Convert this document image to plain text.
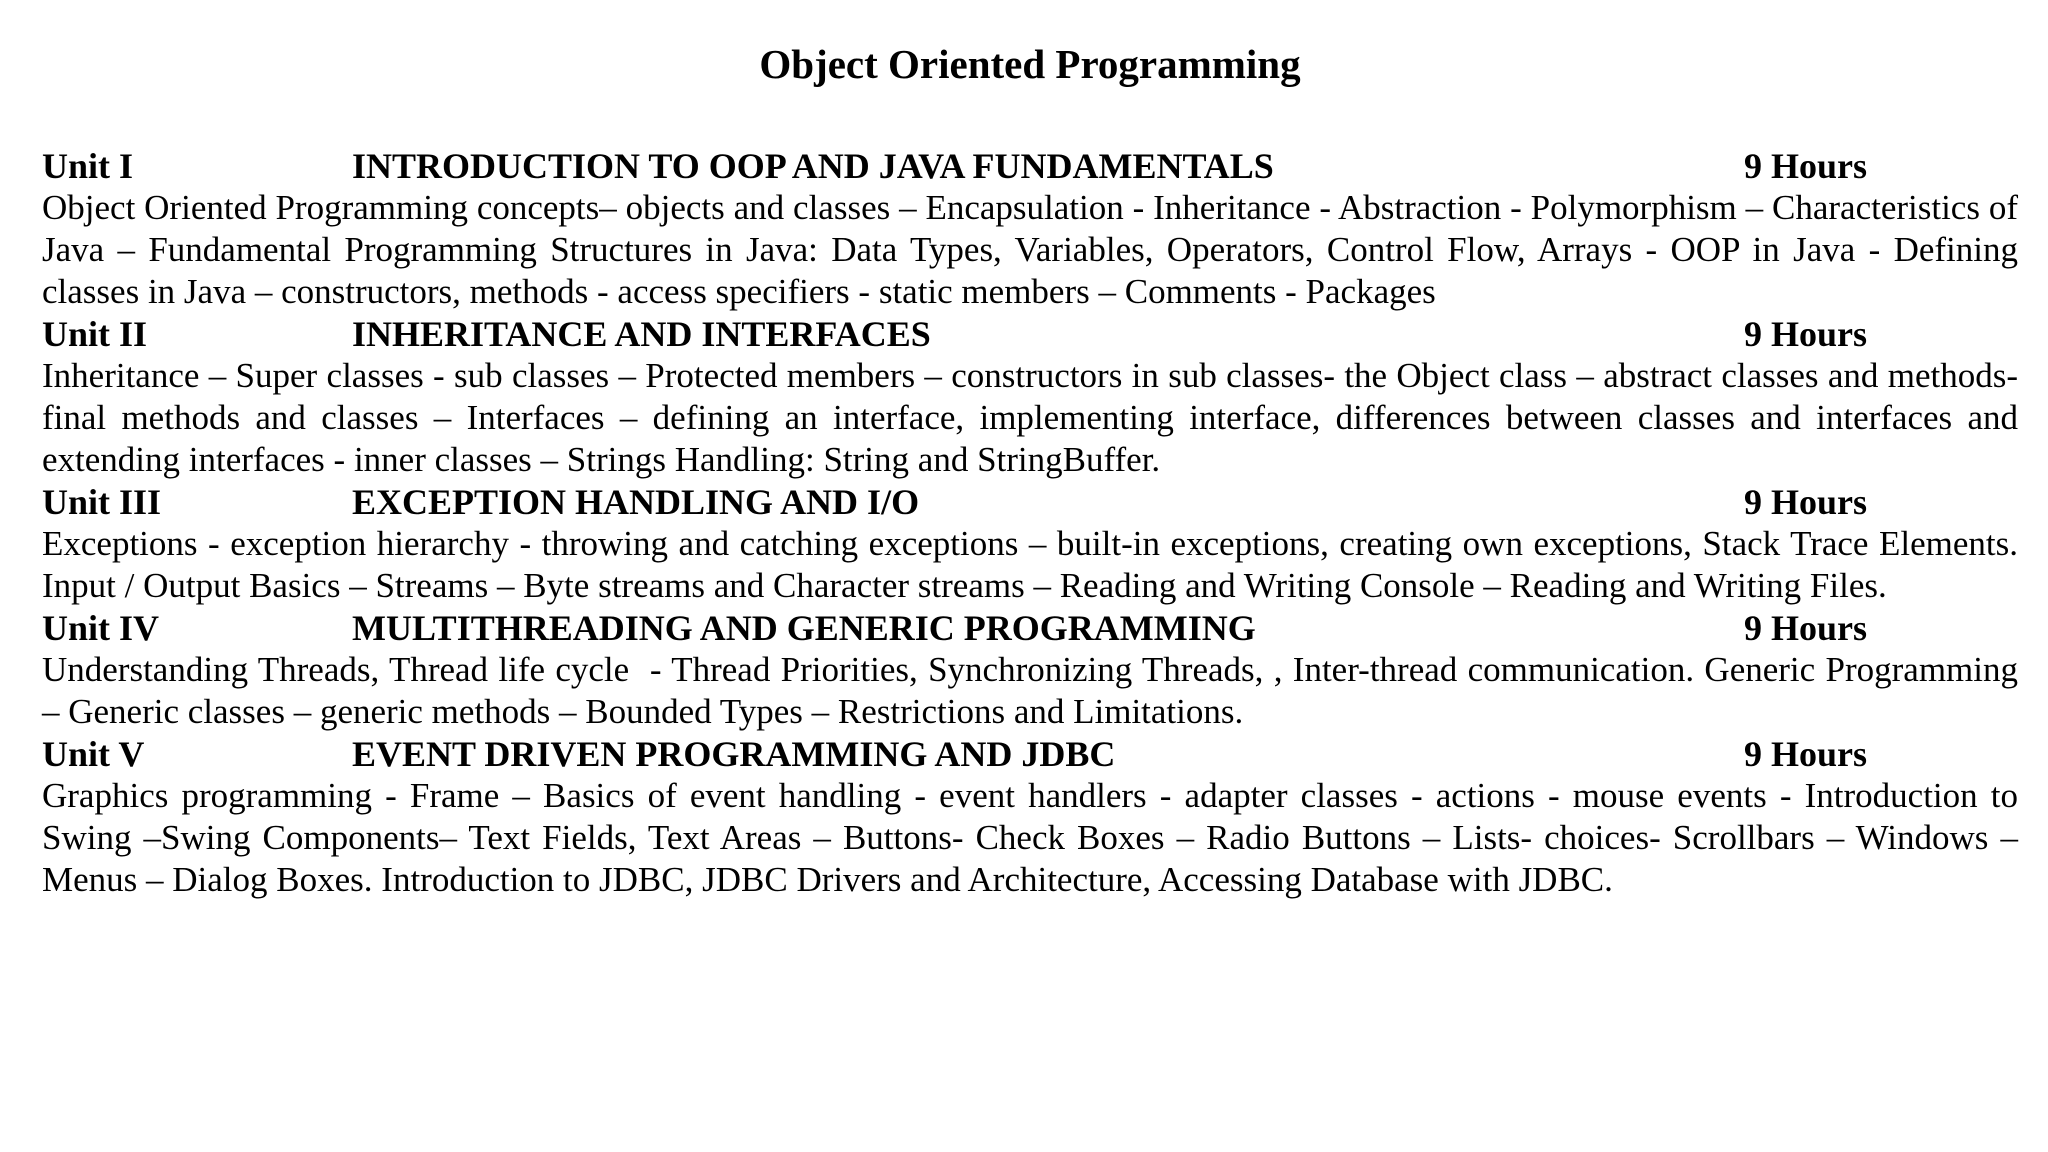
Object Oriented Programming
Unit I	INTRODUCTION TO OOP AND JAVA FUNDAMENTALS	9 Hours

Object Oriented Programming concepts– objects and classes – Encapsulation - Inheritance - Abstraction - Polymorphism – Characteristics of Java – Fundamental Programming Structures in Java: Data Types, Variables, Operators, Control Flow, Arrays - OOP in Java - Defining classes in Java – constructors, methods - access specifiers - static members – Comments - Packages

Unit II	INHERITANCE AND INTERFACES	9 Hours

Inheritance – Super classes - sub classes – Protected members – constructors in sub classes- the Object class – abstract classes and methods- final methods and classes – Interfaces – defining an interface, implementing interface, differences between classes and interfaces and extending interfaces - inner classes – Strings Handling: String and StringBuffer.

Unit III	EXCEPTION HANDLING AND I/O	9 Hours

Exceptions - exception hierarchy - throwing and catching exceptions – built-in exceptions, creating own exceptions, Stack Trace Elements. Input / Output Basics – Streams – Byte streams and Character streams – Reading and Writing Console – Reading and Writing Files.

Unit IV	MULTITHREADING AND GENERIC PROGRAMMING	9 Hours

Understanding Threads, Thread life cycle  - Thread Priorities, Synchronizing Threads, , Inter-thread communication. Generic Programming – Generic classes – generic methods – Bounded Types – Restrictions and Limitations.

Unit V	EVENT DRIVEN PROGRAMMING AND JDBC	9 Hours

Graphics programming - Frame – Basics of event handling - event handlers - adapter classes - actions - mouse events - Introduction to Swing –Swing Components– Text Fields, Text Areas – Buttons- Check Boxes – Radio Buttons – Lists- choices- Scrollbars – Windows –Menus – Dialog Boxes. Introduction to JDBC, JDBC Drivers and Architecture, Accessing Database with JDBC.
